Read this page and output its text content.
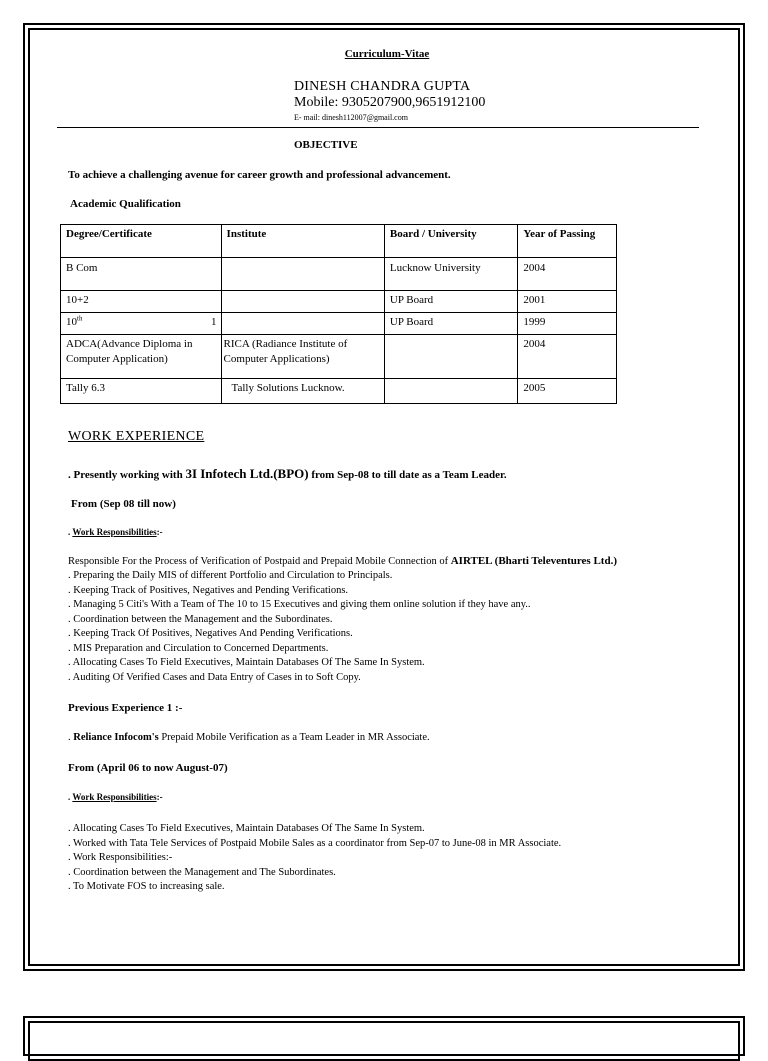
Curriculum-Vitae
DINESH CHANDRA GUPTA
Mobile: 9305207900,9651912100
E- mail: dinesh112007@gmail.com
OBJECTIVE
To achieve a challenging avenue for career growth and professional advancement.
Academic Qualification
Degree/Certificate	Institute	Board / University	Year of Passing
B Com		Lucknow University	2004
10+2		UP Board	2001
10th 1		UP Board	1999
ADCA(Advance Diploma in Computer Application)	RICA (Radiance Institute of Computer Applications)		2004
Tally 6.3	Tally Solutions Lucknow.		2005
WORK EXPERIENCE
. Presently working with 3I Infotech Ltd.(BPO) from Sep-08 to till date as a Team Leader.
From (Sep 08 till now)
. Work Responsibilities:-
Responsible For the Process of Verification of Postpaid and Prepaid Mobile Connection of AIRTEL (Bharti Televentures Ltd.)
. Preparing the Daily MIS of different Portfolio and Circulation to Principals.
. Keeping Track of Positives, Negatives and Pending Verifications.
. Managing 5 Citi's With a Team of The 10 to 15 Executives and giving them online solution if they have any..
. Coordination between the Management and the Subordinates.
. Keeping Track Of Positives, Negatives And Pending Verifications.
. MIS Preparation and Circulation to Concerned Departments.
. Allocating Cases To Field Executives, Maintain Databases Of The Same In System.
. Auditing Of Verified Cases and Data Entry of Cases in to Soft Copy.
Previous Experience 1 :-
. Reliance Infocom's Prepaid Mobile Verification as a Team Leader in MR Associate.
From (April 06 to now August-07)
. Work Responsibilities:-
. Allocating Cases To Field Executives, Maintain Databases Of The Same In System.
. Worked with Tata Tele Services of Postpaid Mobile Sales as a coordinator from Sep-07 to June-08 in MR Associate.
. Work Responsibilities:-
. Coordination between the Management and The Subordinates.
. To Motivate FOS to increasing sale.
